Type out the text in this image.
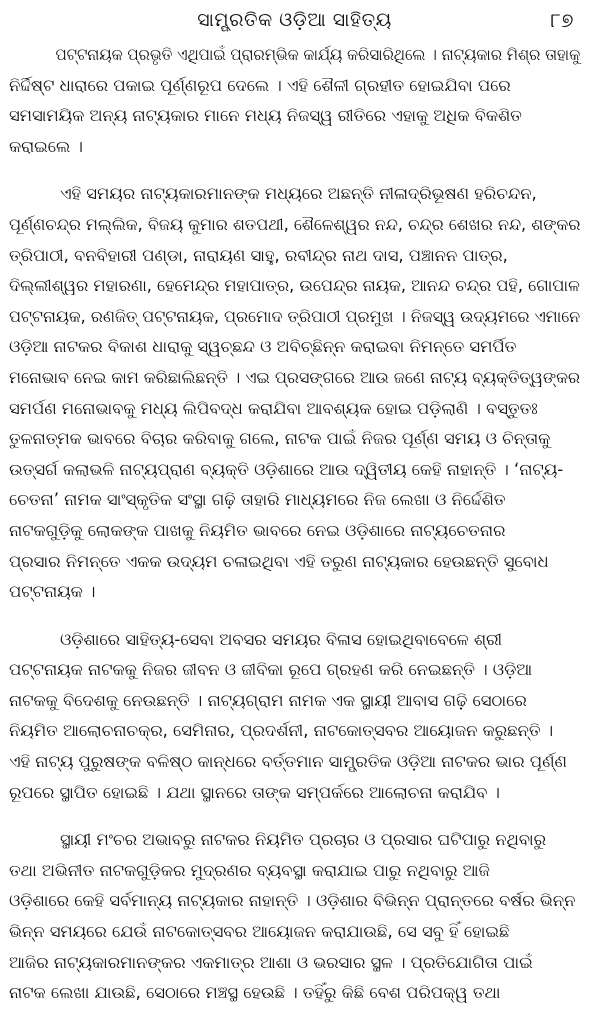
ସାମ୍ପ୍ରତିକ ଓଡ଼ିଆ ସାହିତ୍ୟ	୮୭

ପଟ୍ଟନାୟକ ପ୍ରଭୃତି ଏଥିପାଇଁ ପ୍ରାରମ୍ଭିକ କାର୍ଯ୍ୟ କରିସାରିଥିଲେ । ନାଟ୍ୟକାର ମିଶ୍ର ତାହାକୁ
ନିର୍ଦ୍ଦିଷ୍ଟ ଧାରାରେ ପକାଇ ପୂର୍ଣ୍ଣରୂପ ଦେଲେ । ଏହି ଶୈଳୀ ଗ୍ରହୀତ ହୋଇଯିବା ପରେ
ସମସାମୟିକ ଅନ୍ୟ ନାଟ୍ୟକାର ମାନେ ମଧ୍ୟ ନିଜସ୍ୱ ରୀତିରେ ଏହାକୁ ଅଧିକ ବିକଶିତ
କରାଇଲେ ।

ଏହି ସମୟର ନାଟ୍ୟକାରମାନଙ୍କ ମଧ୍ୟରେ ଅଛନ୍ତି ନୀଳାଦ୍ରିଭୂଷଣ ହରିଚନ୍ଦନ,
ପୂର୍ଣ୍ଣଚନ୍ଦ୍ର ମଲ୍ଲିକ, ବିଜୟ କୁମାର ଶତପଥୀ, ଶୈଳେଶ୍ୱର ନନ୍ଦ, ଚନ୍ଦ୍ର ଶେଖର ନନ୍ଦ, ଶଙ୍କର
ତ୍ରିପାଠୀ, ବନବିହାରୀ ପଣ୍ଡା, ନାରାୟଣ ସାହୁ, ରବୀନ୍ଦ୍ର ନାଥ ଦାସ, ପଞ୍ଚାନନ ପାତ୍ର,
ଦିଲ୍ଲୀଶ୍ୱର ମହାରଣା, ହେମେନ୍ଦ୍ର ମହାପାତ୍ର, ଉପେନ୍ଦ୍ର ନାୟକ, ଆନନ୍ଦ ଚନ୍ଦ୍ର ପହି, ଗୋପାଳ
ପଟ୍ଟନାୟକ, ରଣଜିତ୍ ପଟ୍ଟନାୟକ, ପ୍ରମୋଦ ତ୍ରିପାଠୀ ପ୍ରମୁଖ । ନିଜସ୍ୱ ଉଦ୍ୟମରେ ଏମାନେ
ଓଡ଼ିଆ ନାଟକର ବିକାଶ ଧାରାକୁ ସ୍ୱଚ୍ଛନ୍ଦ ଓ ଅବିଚ୍ଛିନ୍ନ କରାଇବା ନିମନ୍ତେ ସମର୍ପିତ
ମନୋଭାବ ନେଇ କାମ କରିଛାଲିଛନ୍ତି । ଏଇ ପ୍ରସଙ୍ଗରେ ଆଉ ଜଣେ ନାଟ୍ୟ ବ୍ୟକ୍ତିତ୍ୱଙ୍କର
ସମର୍ପଣ ମନୋଭାବକୁ ମଧ୍ୟ ଲିପିବଦ୍ଧ କରାଯିବା ଆବଶ୍ୟକ ହୋଇ ପଡ଼ିଲାଣି । ବସ୍ତୁତଃ
ତୁଳନାତ୍ମକ ଭାବରେ ବିଚାର କରିବାକୁ ଗଲେ, ନାଟକ ପାଇଁ ନିଜର ପୂର୍ଣ୍ଣ ସମୟ ଓ ଚିନ୍ତାକୁ
ଉତ୍ସର୍ଗ କଲାଭଳି ନାଟ୍ୟପ୍ରାଣ ବ୍ୟକ୍ତି ଓଡ଼ିଶାରେ ଆଉ ଦ୍ୱିତୀୟ କେହି ନାହାନ୍ତି । ‘ନାଟ୍ୟ-
ଚେତନା’ ନାମକ ସାଂସ୍କୃତିକ ସଂସ୍ଥା ଗଢ଼ି ତାହାରି ମାଧ୍ୟମରେ ନିଜ ଲେଖା ଓ ନିର୍ଦ୍ଦେଶିତ
ନାଟକଗୁଡ଼ିକୁ ଲୋକଙ୍କ ପାଖକୁ ନିୟମିତ ଭାବରେ ନେଇ ଓଡ଼ିଶାରେ ନାଟ୍ୟଚେତନାର
ପ୍ରସାର ନିମନ୍ତେ ଏକକ ଉଦ୍ୟମ ଚଳାଇଥିବା ଏହି ତରୁଣ ନାଟ୍ୟକାର ହେଉଛନ୍ତି ସୁବୋଧ
ପଟ୍ଟନାୟକ ।

ଓଡ଼ିଶାରେ ସାହିତ୍ୟ-ସେବା ଅବସର ସମୟର ବିଳାସ ହୋଇଥିବାବେଳେ ଶ୍ରୀ
ପଟ୍ଟନାୟକ ନାଟକକୁ ନିଜର ଜୀବନ ଓ ଜୀବିକା ରୂପେ ଗ୍ରହଣ କରି ନେଇଛନ୍ତି । ଓଡ଼ିଆ
ନାଟକକୁ ବିଦେଶକୁ ନେଉଛନ୍ତି । ନାଟ୍ୟଗ୍ରାମ ନାମକ ଏକ ସ୍ଥାୟୀ ଆବାସ ଗଢ଼ି ସେଠାରେ
ନିୟମିତ ଆଲୋଚନାଚକ୍ର, ସେମିନାର, ପ୍ରଦର୍ଶନୀ, ନାଟକୋତ୍ସବର ଆୟୋଜନ କରୁଛନ୍ତି ।
ଏହି ନାଟ୍ୟ ପୁରୁଷଙ୍କ ବଳିଷ୍ଠ କାନ୍ଧରେ ବର୍ତ୍ତମାନ ସାମ୍ପ୍ରତିକ ଓଡ଼ିଆ ନାଟକର ଭାର ପୂର୍ଣ୍ଣ
ରୂପରେ ସ୍ଥାପିତ ହୋଇଛି । ଯଥା ସ୍ଥାନରେ ତାଙ୍କ ସମ୍ପର୍କରେ ଆଲୋଚନା କରାଯିବ ।

ସ୍ଥାୟୀ ମଂଚର ଅଭାବରୁ ନାଟକର ନିୟମିତ ପ୍ରଚାର ଓ ପ୍ରସାର ଘଟିପାରୁ ନଥିବାରୁ
ତଥା ଅଭିନୀତ ନାଟକଗୁଡ଼ିକର ମୁଦ୍ରଣର ବ୍ୟବସ୍ଥା କରାଯାଇ ପାରୁ ନଥିବାରୁ ଆଜି
ଓଡ଼ିଶାରେ କେହି ସର୍ବମାନ୍ୟ ନାଟ୍ୟକାର ନାହାନ୍ତି । ଓଡ଼ିଶାର ବିଭିନ୍ନ ପ୍ରାନ୍ତରେ ବର୍ଷର ଭିନ୍ନ
ଭିନ୍ନ ସମୟରେ ଯେଉଁ ନାଟକୋତ୍ସବର ଆୟୋଜନ କରାଯାଉଛି, ସେ ସବୁ ହିଁ ହୋଇଛି
ଆଜିର ନାଟ୍ୟକାରମାନଙ୍କର ଏକମାତ୍ର ଆଶା ଓ ଭରସାର ସ୍ଥଳ । ପ୍ରତିଯୋଗିତା ପାଇଁ
ନାଟକ ଲେଖା ଯାଉଛି, ସେଠାରେ ମଞ୍ଚସ୍ଥ ହେଉଛି । ତହିଁରୁ କିଛି ବେଶ ପରିପକ୍ୱ ତଥା
